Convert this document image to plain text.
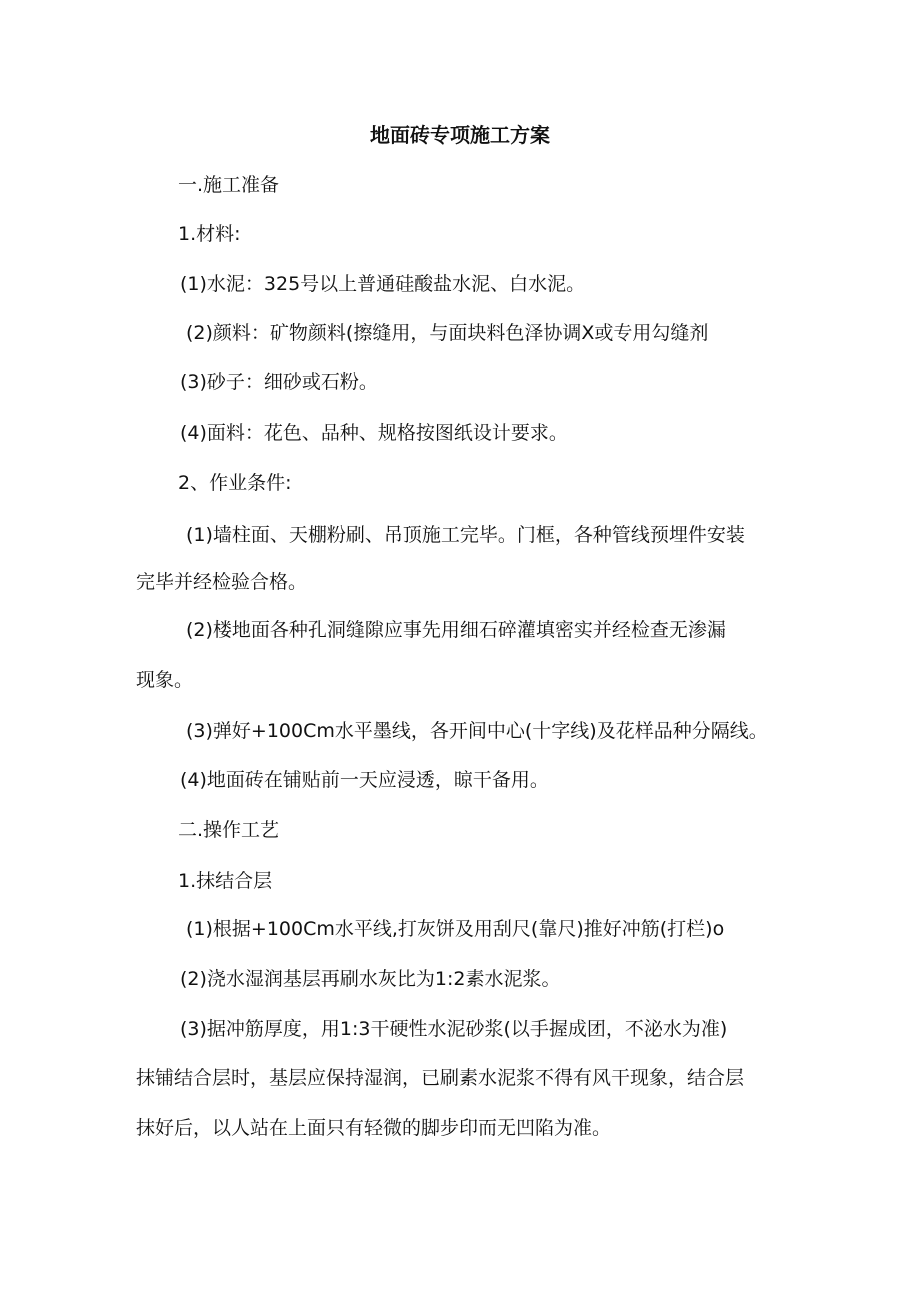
地面砖专项施工方案
一.施工准备
1.材料:
(1)水泥：325号以上普通硅酸盐水泥、白水泥。
(2)颜料：矿物颜料(擦缝用，与面块料色泽协调X或专用勾缝剂
(3)砂子：细砂或石粉。
(4)面料：花色、品种、规格按图纸设计要求。
2、作业条件:
(1)墙柱面、天棚粉刷、吊顶施工完毕。门框，各种管线预埋件安装
完毕并经检验合格。
(2)楼地面各种孔洞缝隙应事先用细石碎灌填密实并经检查无渗漏
现象。
(3)弹好+100Cm水平墨线，各开间中心(十字线)及花样品种分隔线。
(4)地面砖在铺贴前一天应浸透，晾干备用。
二.操作工艺
1.抹结合层
(1)根据+100Cm水平线,打灰饼及用刮尺(靠尺)推好冲筋(打栏)o
(2)浇水湿润基层再刷水灰比为1:2素水泥浆。
(3)据冲筋厚度，用1:3干硬性水泥砂浆(以手握成团，不泌水为准)
抹铺结合层时，基层应保持湿润，已刷素水泥浆不得有风干现象，结合层
抹好后，以人站在上面只有轻微的脚步印而无凹陷为准。
